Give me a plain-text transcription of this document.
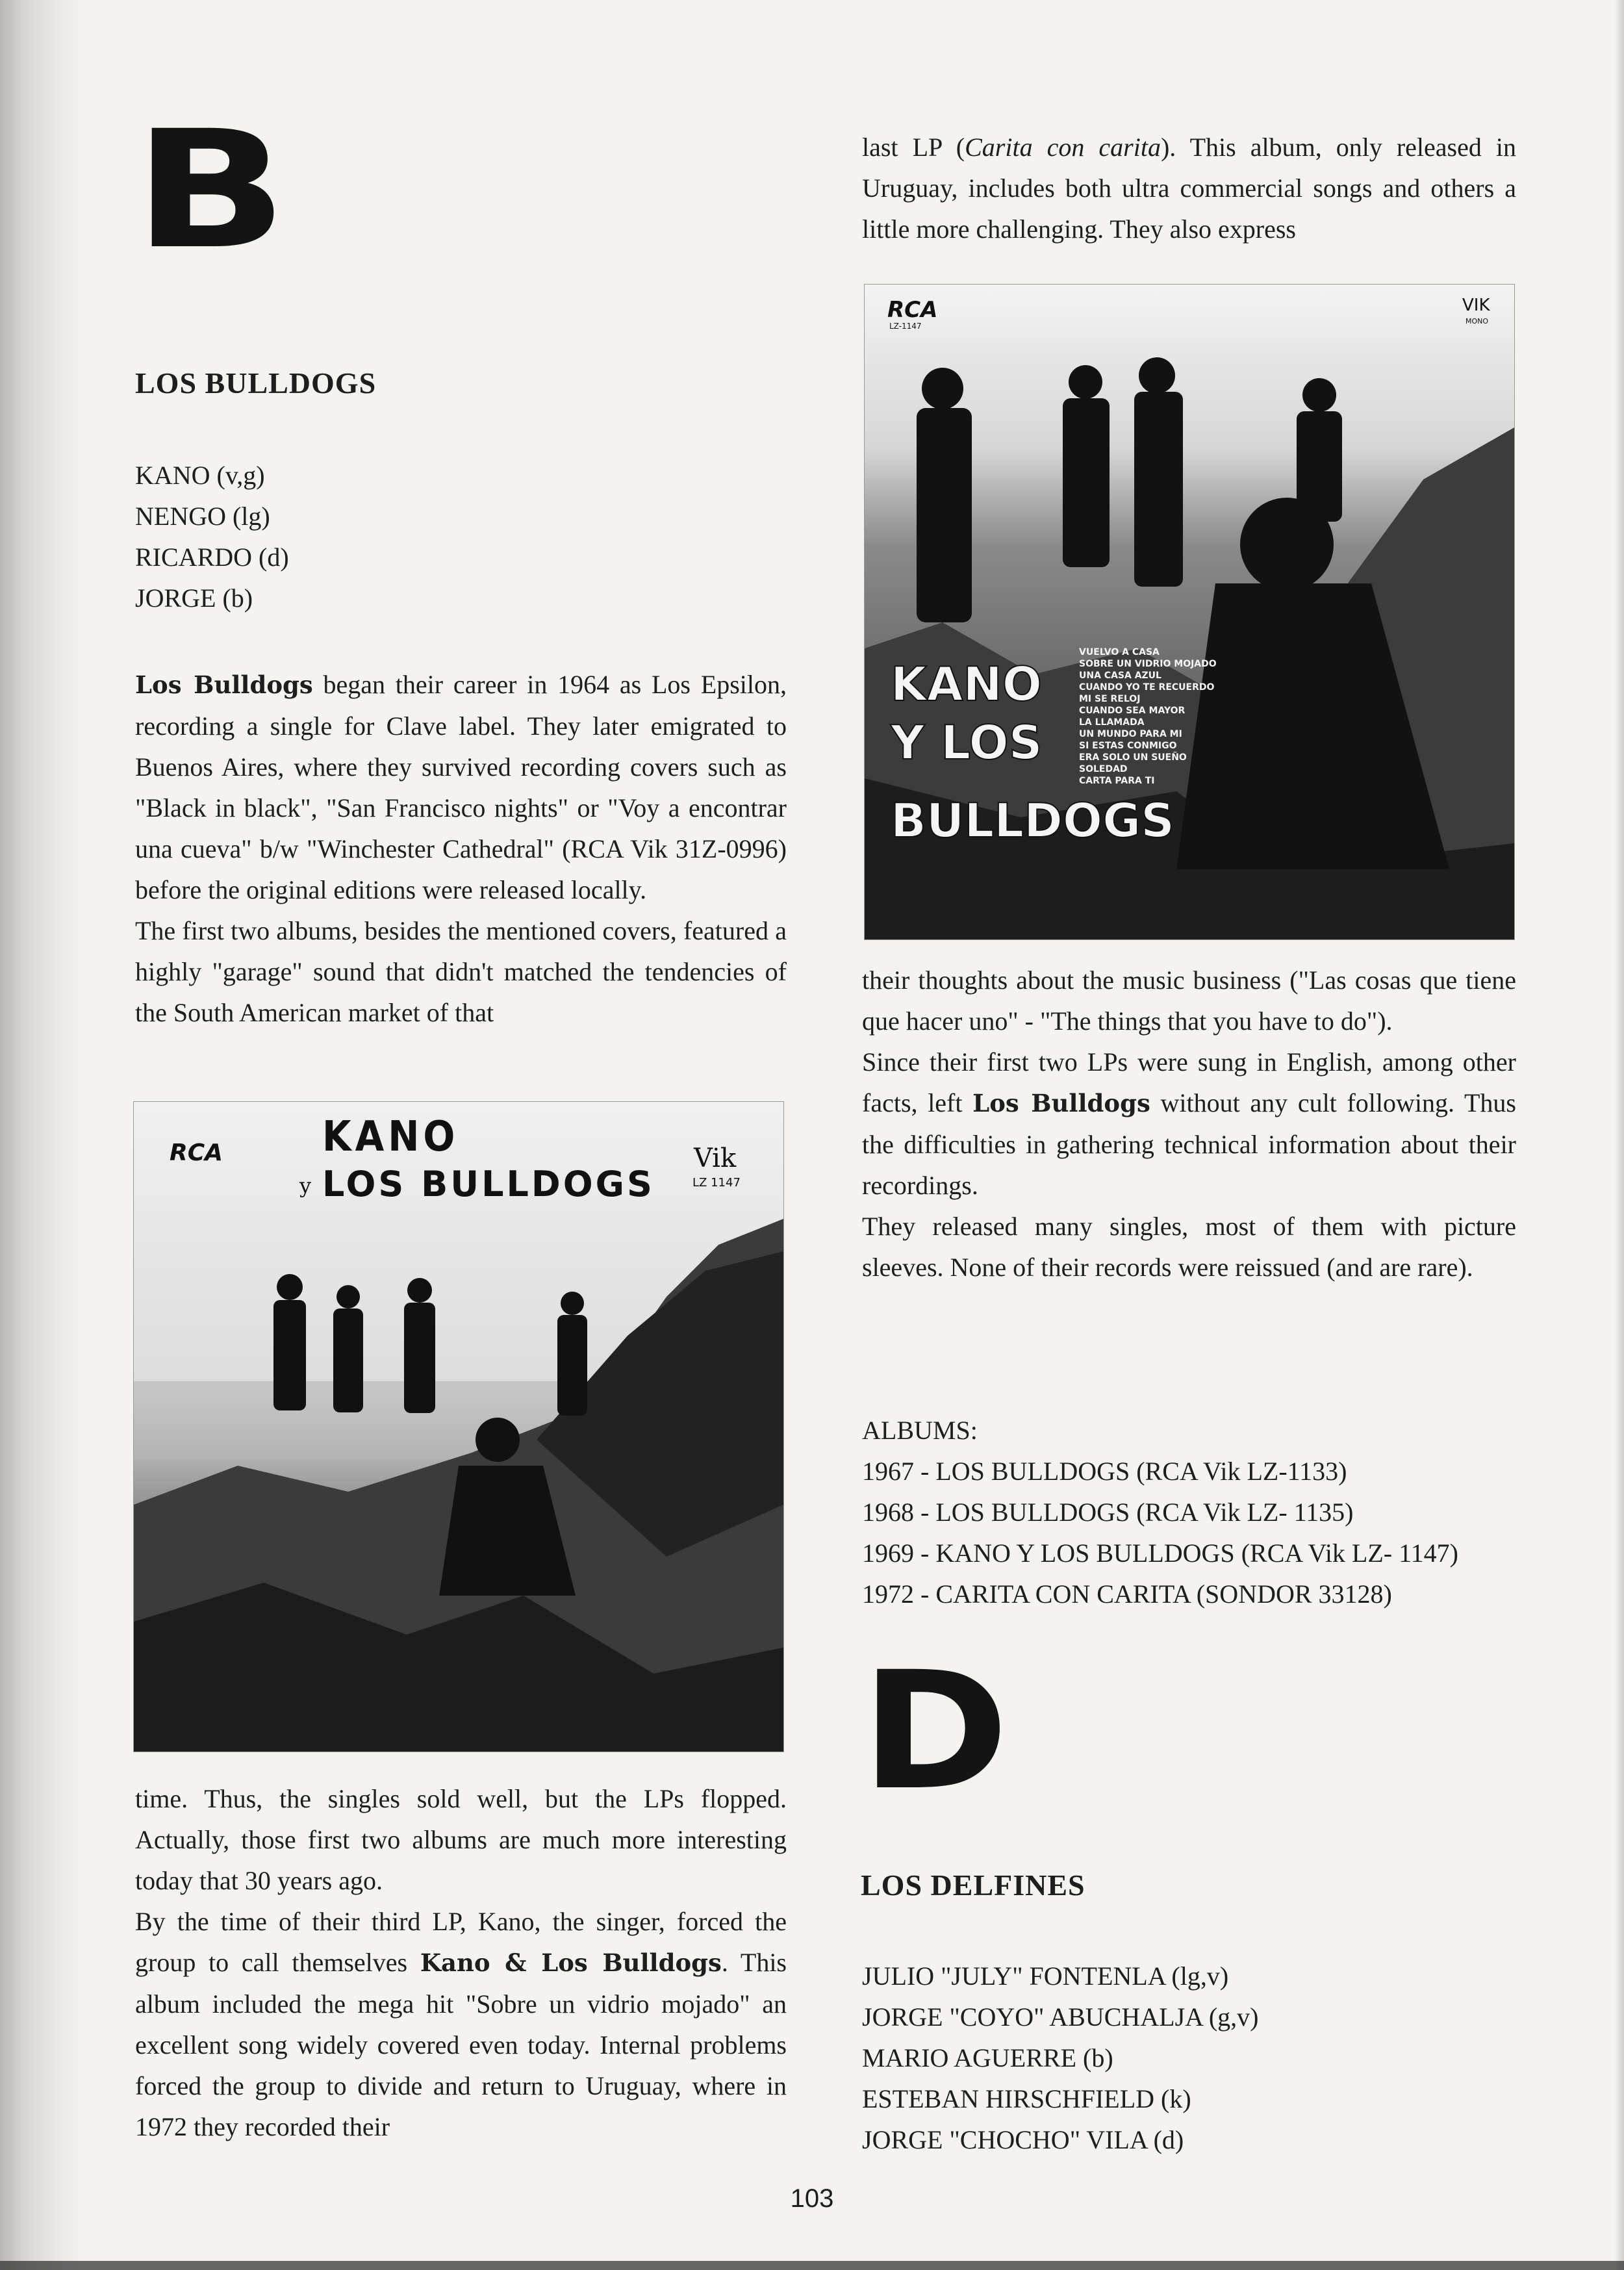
B
LOS BULLDOGS
KANO (v,g)
NENGO (lg)
RICARDO (d)
JORGE (b)

Los Bulldogs began their career in 1964 as Los Epsilon, recording a single for Clave label. They later emigrated to Buenos Aires, where they survived recording covers such as "Black in black", "San Francisco nights" or "Voy a encontrar una cueva" b/w "Winchester Cathedral" (RCA Vik 31Z-0996) before the original editions were released locally.

The first two albums, besides the mentioned covers, featured a highly "garage" sound that didn't matched the tendencies of the South American market of that

RCA KANO
y LOS BULLDOGS
Vik
LZ 1147

time. Thus, the singles sold well, but the LPs flopped. Actually, those first two albums are much more interesting today that 30 years ago.

By the time of their third LP, Kano, the singer, forced the group to call themselves Kano & Los Bulldogs. This album included the mega hit "Sobre un vidrio mojado" an excellent song widely covered even today. Internal problems forced the group to divide and return to Uruguay, where in 1972 they recorded their

last LP (Carita con carita). This album, only released in Uruguay, includes both ultra commercial songs and others a little more challenging. They also express

KANO
Y LOS
BULLDOGS
VUELVO A CASA
SOBRE UN VIDRIO MOJADO
UNA CASA AZUL
CUANDO YO TE RECUERDO
MI SE RELOJ
CUANDO SEA MAYOR
LA LLAMADA
UN MUNDO PARA MI
SI ESTAS CONMIGO
ERA SOLO UN SUEÑO
SOLEDAD
CARTA PARA TI
RCA
LZ-1147
VIK
MONO

their thoughts about the music business ("Las cosas que tiene que hacer uno" - "The things that you have to do").

Since their first two LPs were sung in English, among other facts, left Los Bulldogs without any cult following. Thus the difficulties in gathering technical information about their recordings.

They released many singles, most of them with picture sleeves. None of their records were reissued (and are rare).

ALBUMS:
1967 - LOS BULLDOGS (RCA Vik LZ-1133)
1968 - LOS BULLDOGS (RCA Vik LZ- 1135)
1969 - KANO Y LOS BULLDOGS (RCA Vik LZ- 1147)
1972 - CARITA CON CARITA (SONDOR 33128)
D
LOS DELFINES
JULIO "JULY" FONTENLA (lg,v)
JORGE "COYO" ABUCHALJA (g,v)
MARIO AGUERRE (b)
ESTEBAN HIRSCHFIELD (k)
JORGE "CHOCHO" VILA (d)
103
